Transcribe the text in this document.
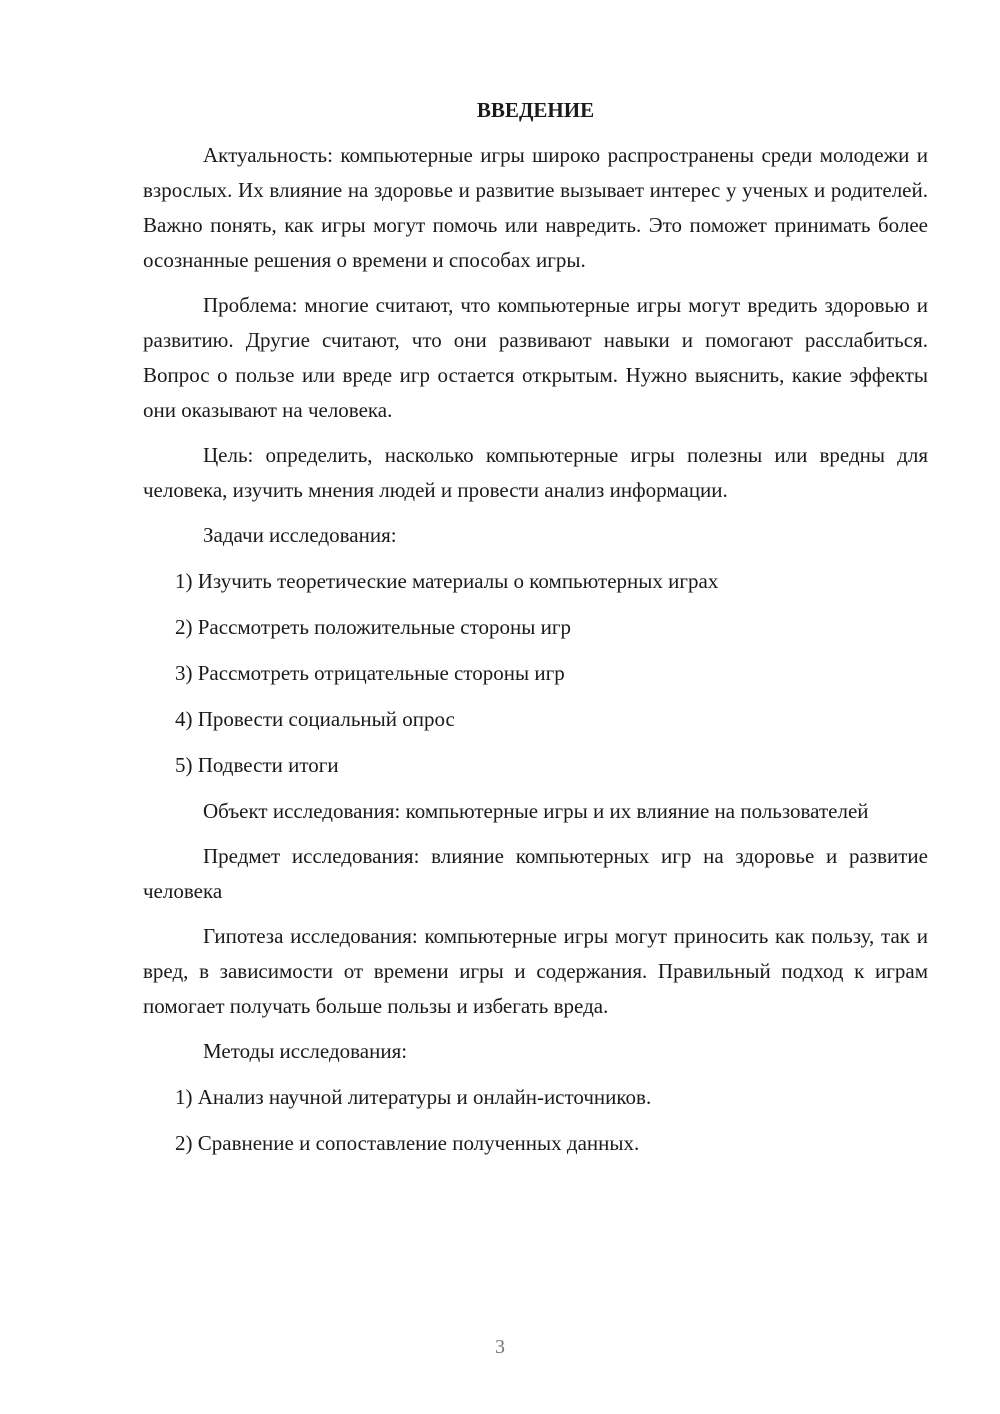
ВВЕДЕНИЕ

Актуальность: компьютерные игры широко распространены среди молодежи и взрослых. Их влияние на здоровье и развитие вызывает интерес у ученых и родителей. Важно понять, как игры могут помочь или навредить. Это поможет принимать более осознанные решения о времени и способах игры.

Проблема: многие считают, что компьютерные игры могут вредить здоровью и развитию. Другие считают, что они развивают навыки и помогают расслабиться. Вопрос о пользе или вреде игр остается открытым. Нужно выяснить, какие эффекты они оказывают на человека.

Цель: определить, насколько компьютерные игры полезны или вредны для человека, изучить мнения людей и провести анализ информации.

Задачи исследования:
1) Изучить теоретические материалы о компьютерных играх
2) Рассмотреть положительные стороны игр
3) Рассмотреть отрицательные стороны игр
4) Провести социальный опрос
5) Подвести итоги

Объект исследования: компьютерные игры и их влияние на пользователей

Предмет исследования: влияние компьютерных игр на здоровье и развитие человека

Гипотеза исследования: компьютерные игры могут приносить как пользу, так и вред, в зависимости от времени игры и содержания. Правильный подход к играм помогает получать больше пользы и избегать вреда.

Методы исследования:
1) Анализ научной литературы и онлайн-источников.
2) Сравнение и сопоставление полученных данных.
3
